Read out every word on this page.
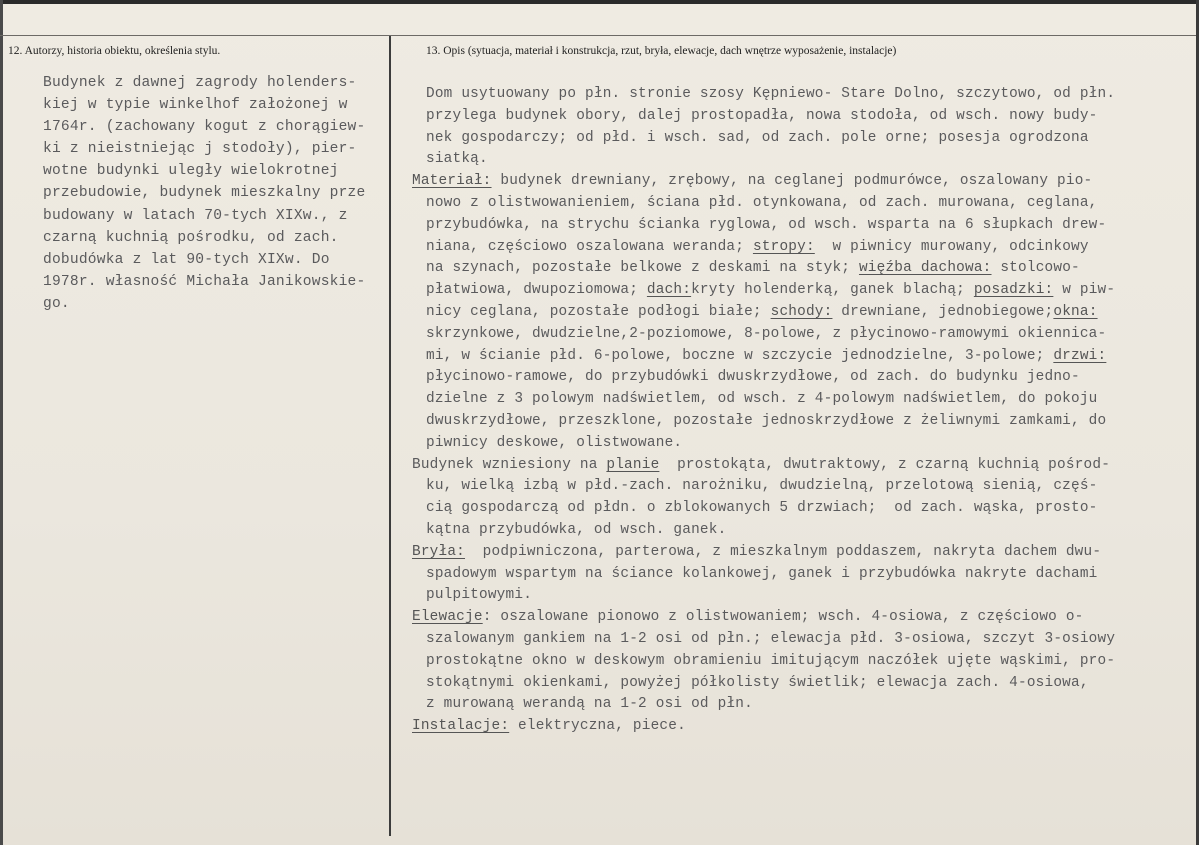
12. Autorzy, historia obiektu, określenia stylu.	13. Opis (sytuacja, materiał i konstrukcja, rzut, bryła, elewacje, dach wnętrze wyposażenie, instalacje)
Budynek z dawnej zagrody holenders-
kiej w typie winkelhof założonej w
1764r. (zachowany kogut z chorągiew-
ki z nieistniejąc j stodoły), pier-
wotne budynki uległy wielokrotnej
przebudowie, budynek mieszkalny prze
budowany w latach 70-tych XIXw., z
czarną kuchnią pośrodku, od zach.
dobudówka z lat 90-tych XIXw. Do
1978r. własność Michała Janikowskie-
go.
Dom usytuowany po płn. stronie szosy Kępniewo- Stare Dolno, szczytowo, od płn.
przylega budynek obory, dalej prostopadła, nowa stodoła, od wsch. nowy budy-
nek gospodarczy; od płd. i wsch. sad, od zach. pole orne; posesja ogrodzona
siatką.
Materiał: budynek drewniany, zrębowy, na ceglanej podmurówce, oszalowany pio-
nowo z olistwowanieniem, ściana płd. otynkowana, od zach. murowana, ceglana,
przybudówka, na strychu ścianka ryglowa, od wsch. wsparta na 6 słupkach drew-
niana, częściowo oszalowana weranda; stropy:  w piwnicy murowany, odcinkowy
na szynach, pozostałe belkowe z deskami na styk; więźba dachowa: stolcowo-
płatwiowa, dwupoziomowa; dach:kryty holenderką, ganek blachą; posadzki: w piw-
nicy ceglana, pozostałe podłogi białe; schody: drewniane, jednobiegowe;okna:
skrzynkowe, dwudzielne,2-poziomowe, 8-polowe, z płycinowo-ramowymi okiennica-
mi, w ścianie płd. 6-polowe, boczne w szczycie jednodzielne, 3-polowe; drzwi:
płycinowo-ramowe, do przybudówki dwuskrzydłowe, od zach. do budynku jedno-
dzielne z 3 polowym nadświetlem, od wsch. z 4-polowym nadświetlem, do pokoju
dwuskrzydłowe, przeszklone, pozostałe jednoskrzydłowe z żeliwnymi zamkami, do
piwnicy deskowe, olistwowane.
Budynek wzniesiony na planie  prostokąta, dwutraktowy, z czarną kuchnią pośrod-
ku, wielką izbą w płd.-zach. narożniku, dwudzielną, przelotową sienią, częś-
cią gospodarczą od płdn. o zblokowanych 5 drzwiach;  od zach. wąska, prosto-
kątna przybudówka, od wsch. ganek.
Bryła:  podpiwniczona, parterowa, z mieszkalnym poddaszem, nakryta dachem dwu-
spadowym wspartym na ściance kolankowej, ganek i przybudówka nakryte dachami
pulpitowymi.
Elewacje: oszalowane pionowo z olistwowaniem; wsch. 4-osiowa, z częściowo o-
szalowanym gankiem na 1-2 osi od płn.; elewacja płd. 3-osiowa, szczyt 3-osiowy
prostokątne okno w deskowym obramieniu imitującym naczółek ujęte wąskimi, pro-
stokątnymi okienkami, powyżej półkolisty świetlik; elewacja zach. 4-osiowa,
z murowaną werandą na 1-2 osi od płn.
Instalacje: elektryczna, piece.
